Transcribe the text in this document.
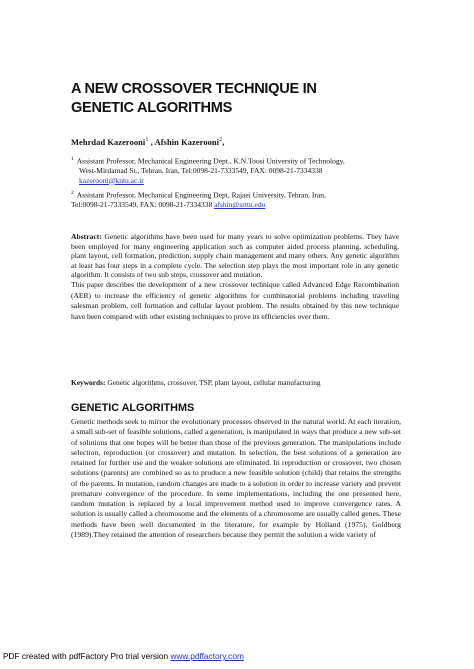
A NEW CROSSOVER TECHNIQUE IN
GENETIC ALGORITHMS
Mehrdad Kazerooni$^1$ , Afshin Kazerooni$^2$,
$^1$ Assistant Professor, Mechanical Engineering Dept., K.N.Toosi University of Technology,
West-Mirdamad St., Tehran, Iran, Tel:0098-21-7333549, FAX: 0098-21-7334338
kazerooni@kntu.ac.ir
$^2$ Assistant Professor, Mechanical Engineering Dept, Rajaei University, Tehran, Iran,
Tel:0098-21-7333549, FAX: 0098-21-7334338 afshin@srttu.edu

Abstract: Genetic algorithms have been used for many years to solve optimization problems. They have been employed for many engineering application such as computer aided process planning, scheduling, plant layout, cell formation, prediction, supply chain management and many others. Any genetic algorithm at least has four steps in a complete cycle. The selection step plays the most important role in any genetic algorithm. It consists of two sub steps, crossover and mutation.

This paper describes the development of a new crossover technique called Advanced Edge Recombination (AER) to increase the efficiency of genetic algorithms for combinatorial problems including traveling salesman problem, cell formation and cellular layout problem. The results obtained by this new technique have been compared with other existing techniques to prove its efficiencies over them.

Keywords: Genetic algorithms, crossover, TSP, plant layout, cellular manufacturing
GENETIC ALGORITHMS
Genetic methods seek to mirror the evolutionary processes observed in the natural world. At each iteration, a small sub-set of feasible solutions, called a generation, is manipulated in ways that produce a new sub-set of solutions that one hopes will be better than those of the previous generation. The manipulations include selection, reproduction (or crossover) and mutation. In selection, the best solutions of a generation are retained for further use and the weaker solutions are eliminated. In reproduction or crossover, two chosen solutions (parents) are combined so as to produce a new feasible solution (child) that retains the strengths of the parents. In mutation, random changes are made to a solution in order to increase variety and prevent premature convergence of the procedure. In some implementations, including the one presented here, random mutation is replaced by a local improvement method used to improve convergence rates. A solution is usually called a chromosome and the elements of a chromosome are usually called genes. These methods have been well documented in the literature, for example by Holland (1975), Goldberg (1989).They retained the attention of researchers because they permit the solution a wide variety of
PDF created with pdfFactory Pro trial version www.pdffactory.com
